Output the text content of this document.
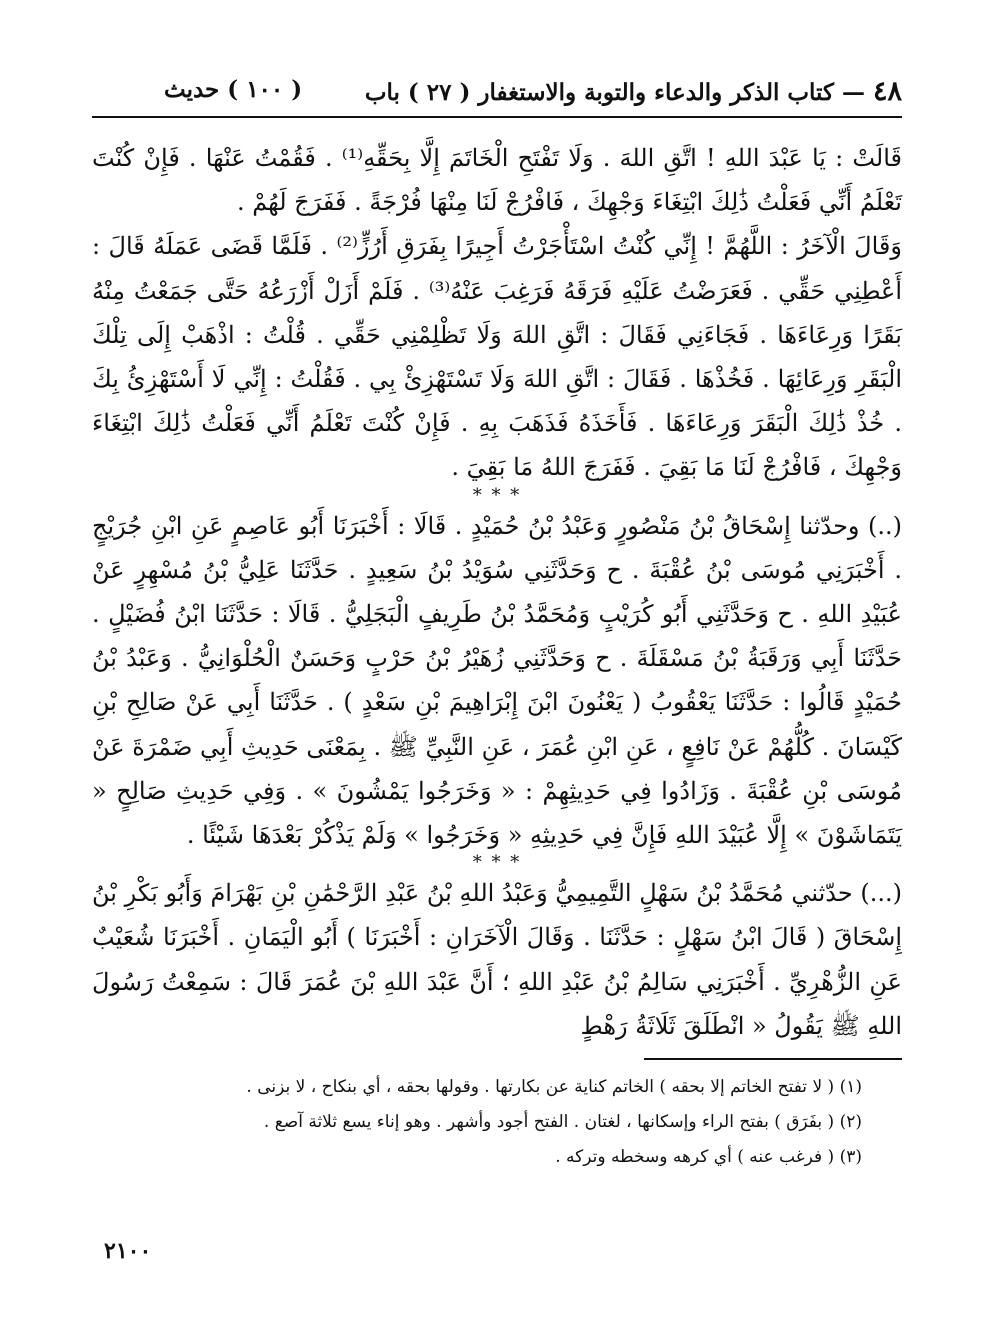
٤٨ — كتاب الذكر والدعاء والتوبة والاستغفار ( ٢٧ ) باب
( ١٠٠ ) حديث

قَالَتْ : يَا عَبْدَ اللهِ ! اتَّقِ اللهَ . وَلَا تَفْتَحِ الْخَاتَمَ إِلَّا بِحَقِّهِ⁽¹⁾ . فَقُمْتُ عَنْهَا . فَإِنْ كُنْتَ تَعْلَمُ أَنِّي فَعَلْتُ ذَٰلِكَ ابْتِغَاءَ وَجْهِكَ ، فَافْرُجْ لَنَا مِنْهَا فُرْجَةً . فَفَرَجَ لَهُمْ .

وَقَالَ الْآخَرُ : اللَّهُمَّ ! إِنِّي كُنْتُ اسْتَأْجَرْتُ أَجِيرًا بِفَرَقِ أَرُزٍّ⁽²⁾ . فَلَمَّا قَضَى عَمَلَهُ قَالَ : أَعْطِنِي حَقِّي . فَعَرَضْتُ عَلَيْهِ فَرَقَهُ فَرَغِبَ عَنْهُ⁽³⁾ . فَلَمْ أَزَلْ أَزْرَعُهُ حَتَّى جَمَعْتُ مِنْهُ بَقَرًا وَرِعَاءَهَا . فَجَاءَنِي فَقَالَ : اتَّقِ اللهَ وَلَا تَظْلِمْنِي حَقِّي . قُلْتُ : اذْهَبْ إِلَى تِلْكَ الْبَقَرِ وَرِعَائِهَا . فَخُذْهَا . فَقَالَ : اتَّقِ اللهَ وَلَا تَسْتَهْزِئْ بِي . فَقُلْتُ : إِنِّي لَا أَسْتَهْزِئُ بِكَ . خُذْ ذَٰلِكَ الْبَقَرَ وَرِعَاءَهَا . فَأَخَذَهُ فَذَهَبَ بِهِ . فَإِنْ كُنْتَ تَعْلَمُ أَنِّي فَعَلْتُ ذَٰلِكَ ابْتِغَاءَ وَجْهِكَ ، فَافْرُجْ لَنَا مَا بَقِيَ . فَفَرَجَ اللهُ مَا بَقِيَ .

* * *

(..) وحدّثنا إِسْحَاقُ بْنُ مَنْصُورٍ وَعَبْدُ بْنُ حُمَيْدٍ . قَالَا : أَخْبَرَنَا أَبُو عَاصِمٍ عَنِ ابْنِ جُرَيْجٍ . أَخْبَرَنِي مُوسَى بْنُ عُقْبَةَ . ح وَحَدَّثَنِي سُوَيْدُ بْنُ سَعِيدٍ . حَدَّثَنَا عَلِيُّ بْنُ مُسْهِرٍ عَنْ عُبَيْدِ اللهِ . ح وَحَدَّثَنِي أَبُو كُرَيْبٍ وَمُحَمَّدُ بْنُ طَرِيفٍ الْبَجَلِيُّ . قَالَا : حَدَّثَنَا ابْنُ فُضَيْلٍ . حَدَّثَنَا أَبِي وَرَقَبَةُ بْنُ مَسْقَلَةَ . ح وَحَدَّثَنِي زُهَيْرُ بْنُ حَرْبٍ وَحَسَنٌ الْحُلْوَانِيُّ . وَعَبْدُ بْنُ حُمَيْدٍ قَالُوا : حَدَّثَنَا يَعْقُوبُ ( يَعْنُونَ ابْنَ إِبْرَاهِيمَ بْنِ سَعْدٍ ) . حَدَّثَنَا أَبِي عَنْ صَالِحِ بْنِ كَيْسَانَ . كُلُّهُمْ عَنْ نَافِعٍ ، عَنِ ابْنِ عُمَرَ ، عَنِ النَّبِيِّ ﷺ . بِمَعْنَى حَدِيثِ أَبِي ضَمْرَةَ عَنْ مُوسَى بْنِ عُقْبَةَ . وَزَادُوا فِي حَدِيثِهِمْ : « وَخَرَجُوا يَمْشُونَ » . وَفِي حَدِيثِ صَالِحٍ « يَتَمَاشَوْنَ » إِلَّا عُبَيْدَ اللهِ فَإِنَّ فِي حَدِيثِهِ « وَخَرَجُوا » وَلَمْ يَذْكُرْ بَعْدَهَا شَيْئًا .

* * *

(...) حدّثني مُحَمَّدُ بْنُ سَهْلٍ التَّمِيمِيُّ وَعَبْدُ اللهِ بْنُ عَبْدِ الرَّحْمَٰنِ بْنِ بَهْرَامَ وَأَبُو بَكْرِ بْنُ إِسْحَاقَ ( قَالَ ابْنُ سَهْلٍ : حَدَّثَنَا . وَقَالَ الْآخَرَانِ : أَخْبَرَنَا ) أَبُو الْيَمَانِ . أَخْبَرَنَا شُعَيْبٌ عَنِ الزُّهْرِيِّ . أَخْبَرَنِي سَالِمُ بْنُ عَبْدِ اللهِ ؛ أَنَّ عَبْدَ اللهِ بْنَ عُمَرَ قَالَ : سَمِعْتُ رَسُولَ اللهِ ﷺ يَقُولُ « انْطَلَقَ ثَلَاثَةُ رَهْطٍ

(١) ( لا تفتح الخاتم إلا بحقه ) الخاتم كناية عن بكارتها . وقولها بحقه ، أي بنكاح ، لا بزنى .
(٢) ( بفَرَق ) بفتح الراء وإسكانها ، لغتان . الفتح أجود وأشهر . وهو إناء يسع ثلاثة آصع .
(٣) ( فرغب عنه ) أي كرهه وسخطه وتركه .
٢١٠٠
